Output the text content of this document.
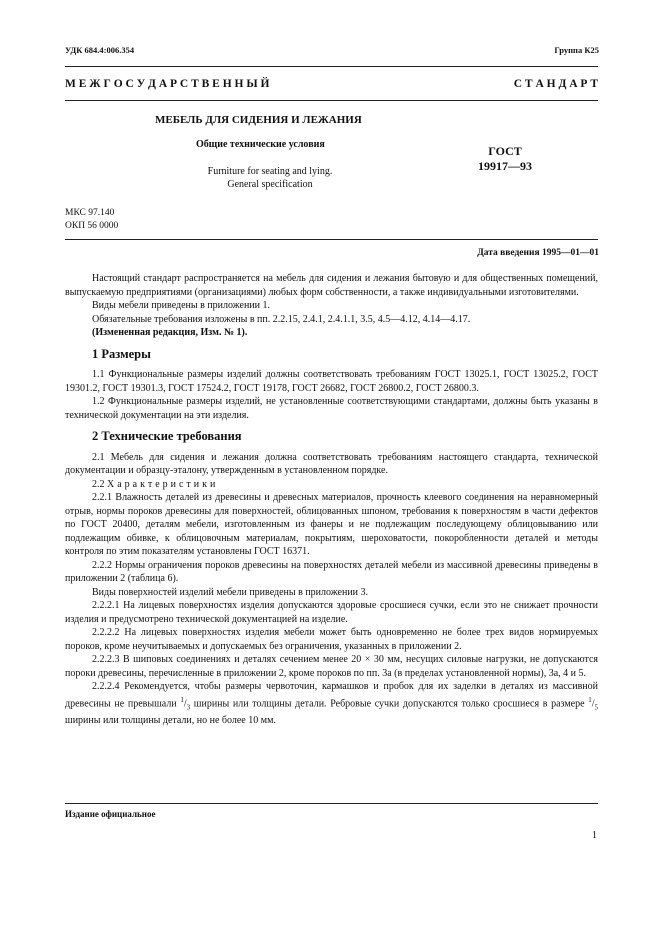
УДК 684.4:006.354	Группа К25
М Е Ж Г О С У Д А Р С Т В Е Н Н Ы Й	С Т А Н Д А Р Т
МЕБЕЛЬ ДЛЯ СИДЕНИЯ И ЛЕЖАНИЯ
Общие технические условия
Furniture for seating and lying.
General specification
ГОСТ
19917—93
МКС 97.140
ОКП 56 0000
Дата введения 1995—01—01

Настоящий стандарт распространяется на мебель для сидения и лежания бытовую и для общественных помещений, выпускаемую предприятиями (организациями) любых форм собственности, а также индивидуальными изготовителями.

Виды мебели приведены в приложении 1.

Обязательные требования изложены в пп. 2.2.15, 2.4.1, 2.4.1.1, 3.5, 4.5—4.12, 4.14—4.17.

(Измененная редакция, Изм. № 1).

1 Размеры

1.1 Функциональные размеры изделий должны соответствовать требованиям ГОСТ 13025.1, ГОСТ 13025.2, ГОСТ 19301.2, ГОСТ 19301.3, ГОСТ 17524.2, ГОСТ 19178, ГОСТ 26682, ГОСТ 26800.2, ГОСТ 26800.3.

1.2 Функциональные размеры изделий, не установленные соответствующими стандартами, должны быть указаны в технической документации на эти изделия.

2 Технические требования

2.1 Мебель для сидения и лежания должна соответствовать требованиям настоящего стандарта, технической документации и образцу-эталону, утвержденным в установленном порядке.

2.2 Характеристики

2.2.1 Влажность деталей из древесины и древесных материалов, прочность клеевого соединения на неравномерный отрыв, нормы пороков древесины для поверхностей, облицованных шпоном, требования к поверхностям в части дефектов по ГОСТ 20400, деталям мебели, изготовленным из фанеры и не подлежащим последующему облицовыванию или подлежащим обивке, к облицовочным материалам, покрытиям, шероховатости, покоробленности деталей и методы контроля по этим показателям установлены ГОСТ 16371.

2.2.2 Нормы ограничения пороков древесины на поверхностях деталей мебели из массивной древесины приведены в приложении 2 (таблица 6).

Виды поверхностей изделий мебели приведены в приложении 3.

2.2.2.1 На лицевых поверхностях изделия допускаются здоровые сросшиеся сучки, если это не снижает прочности изделия и предусмотрено технической документацией на изделие.

2.2.2.2 На лицевых поверхностях изделия мебели может быть одновременно не более трех видов нормируемых пороков, кроме неучитываемых и допускаемых без ограничения, указанных в приложении 2.

2.2.2.3 В шиповых соединениях и деталях сечением менее 20 × 30 мм, несущих силовые нагрузки, не допускаются пороки древесины, перечисленные в приложении 2, кроме пороков по пп. 3а (в пределах установленной нормы), 3а, 4 и 5.

2.2.2.4 Рекомендуется, чтобы размеры червоточин, кармашков и пробок для их заделки в деталях из массивной древесины не превышали $^1/_3$ ширины или толщины детали. Ребровые сучки допускаются только сросшиеся в размере $^1/_5$ ширины или толщины детали, но не более 10 мм.

Издание официальное
1
